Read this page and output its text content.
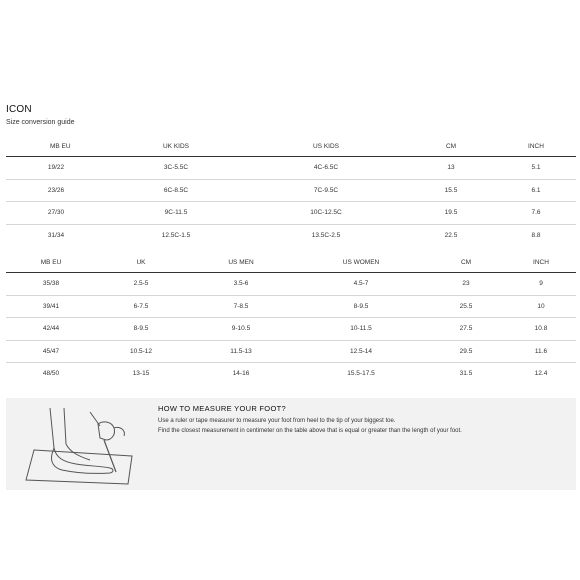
ICON
Size conversion guide
MB EU	UK KIDS	US KIDS	CM	INCH
19/22	3C-5.5C	4C-6.5C	13	5.1
23/26	6C-8.5C	7C-9.5C	15.5	6.1
27/30	9C-11.5	10C-12.5C	19.5	7.6
31/34	12.5C-1.5	13.5C-2.5	22.5	8.8
MB EU	UK	US MEN	US WOMEN	CM	INCH
35/38	2.5-5	3.5-6	4.5-7	23	9
39/41	6-7.5	7-8.5	8-9.5	25.5	10
42/44	8-9.5	9-10.5	10-11.5	27.5	10.8
45/47	10.5-12	11.5-13	12.5-14	29.5	11.6
48/50	13-15	14-16	15.5-17.5	31.5	12.4
HOW TO MEASURE YOUR FOOT?
Use a ruler or tape measurer to measure your foot from heel to the tip of your biggest toe.
Find the closest measurement in centimeter on the table above that is equal or greater than the length of your foot.
